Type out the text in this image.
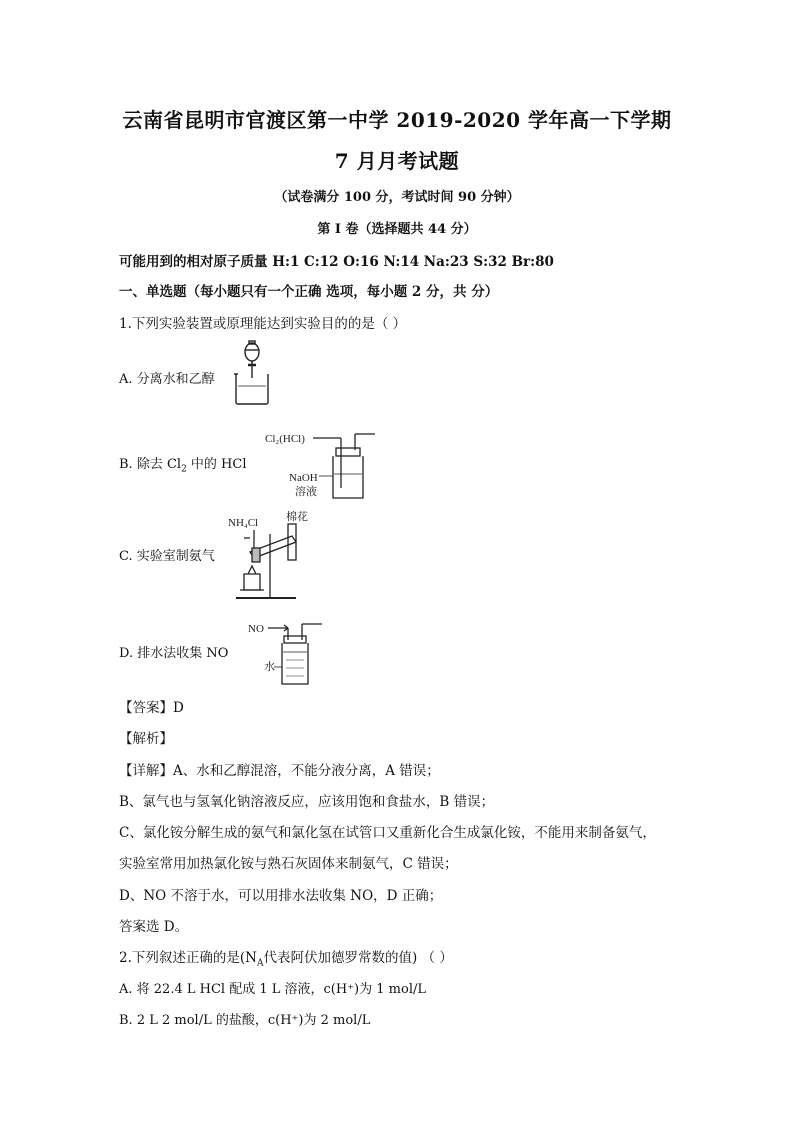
云南省昆明市官渡区第一中学 2019-2020 学年高一下学期
7 月月考试题
（试卷满分 100 分，考试时间 90 分钟）
第 I 卷（选择题共 44 分）
可能用到的相对原子质量 H:1 C:12 O:16 N:14 Na:23 S:32 Br:80
一、单选题（每小题只有一个正确 选项，每小题 2 分，共 分）
1.下列实验装置或原理能达到实验目的的是（ ）
A. 分离水和乙醇
B. 除去 $Cl_2$ 中的 HCl
Cl₂(HCl)
NaOH
溶液
C. 实验室制氨气
NH₄Cl	棉花
D. 排水法收集 NO
NO
水
【答案】D
【解析】
【详解】A、水和乙醇混溶，不能分液分离，A 错误；
B、氯气也与氢氧化钠溶液反应，应该用饱和食盐水，B 错误；
C、氯化铵分解生成的氨气和氯化氢在试管口又重新化合生成氯化铵，不能用来制备氨气，
实验室常用加热氯化铵与熟石灰固体来制氨气，C 错误；
D、NO 不溶于水，可以用排水法收集 NO，D 正确；
答案选 D。
2.下列叙述正确的是($N_A$代表阿伏加德罗常数的值) （ ）
A. 将 22.4 L HCl 配成 1 L 溶液，c(H⁺)为 1 mol/L
B. 2 L 2 mol/L 的盐酸，c(H⁺)为 2 mol/L
